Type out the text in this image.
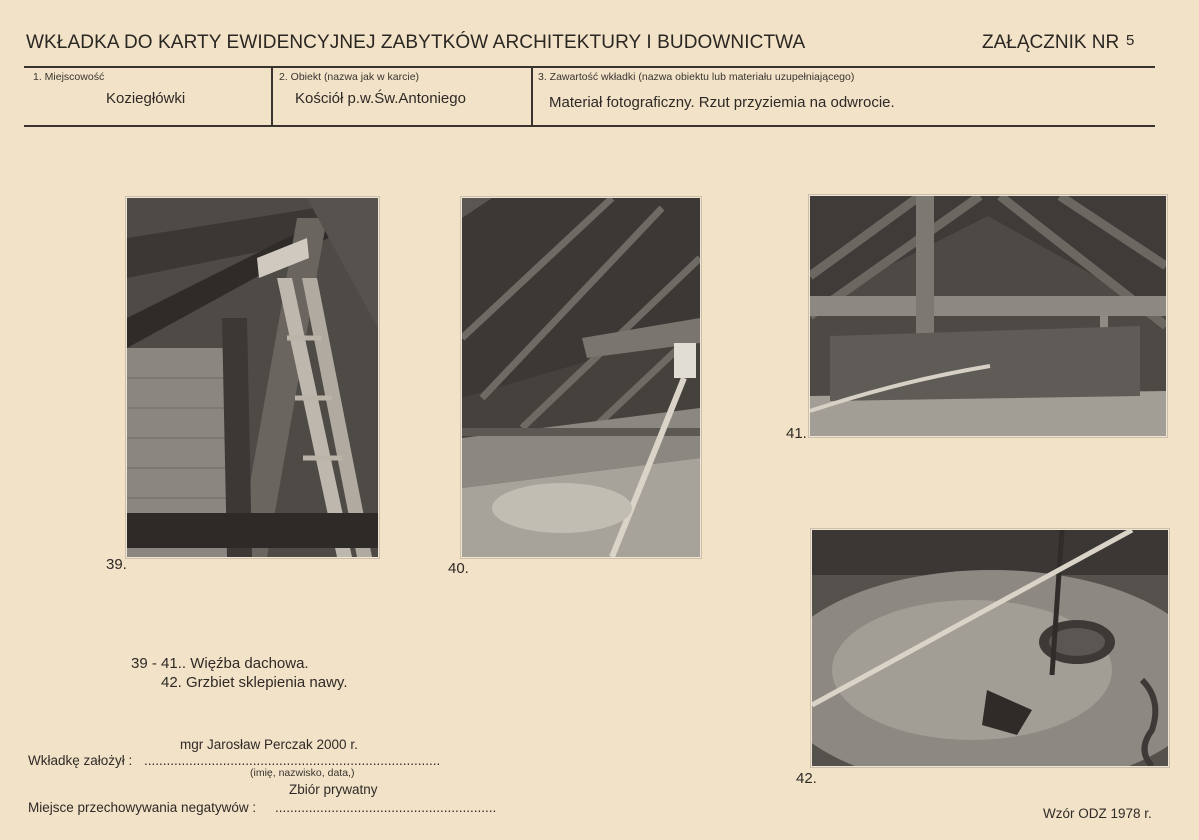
WKŁADKA DO KARTY EWIDENCYJNEJ ZABYTKÓW ARCHITEKTURY I BUDOWNICTWA	ZAŁĄCZNIK NR 5
1. Miejscowość
Koziegłówki
2. Obiekt (nazwa jak w karcie)
Kościół p.w.Św.Antoniego
3. Zawartość wkładki (nazwa obiektu lub materiału uzupełniającego)
Materiał fotograficzny. Rzut przyziemia na odwrocie.
39.	40.
41.
42.
39 - 41.. Więźba dachowa.
42. Grzbiet sklepienia nawy.
mgr Jarosław Perczak 2000 r.
Wkładkę założył : ...............................................................................
(imię, nazwisko, data,)
Zbiór prywatny
Miejsce przechowywania negatywów : ...........................................................	Wzór ODZ 1978 r.
